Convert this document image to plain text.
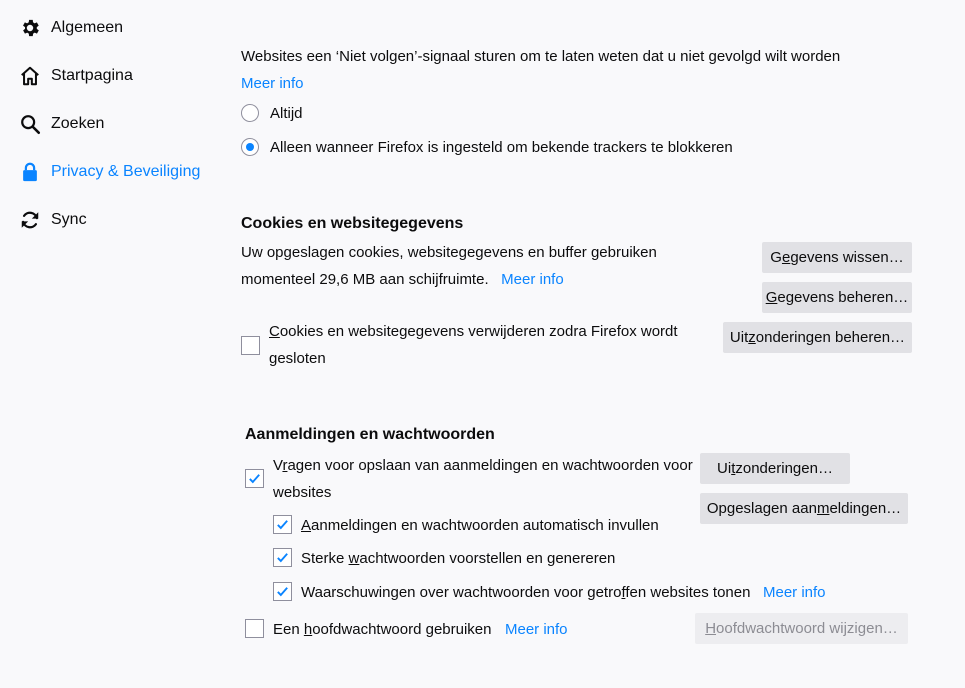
Algemeen
Startpagina
Zoeken
Privacy & Beveiliging
Sync
Websites een ‘Niet volgen’-signaal sturen om te laten weten dat u niet gevolgd wilt worden
Meer info
Altijd
Alleen wanneer Firefox is ingesteld om bekende trackers te blokkeren
Cookies en websitegegevens
Uw opgeslagen cookies, websitegegevens en buffer gebruiken
momenteel 29,6 MB aan schijfruimte. Meer info
G e gevens wissen…
G egevens beheren…
Uit z onderingen beheren…
Cookies en websitegegevens verwijderen zodra Firefox wordt
gesloten
Aanmeldingen en wachtwoorden
Vragen voor opslaan van aanmeldingen en wachtwoorden voor
websites
Ui t zonderingen…
Opgeslagen aan m eldingen…
Aanmeldingen en wachtwoorden automatisch invullen
Sterke wachtwoorden voorstellen en genereren
Waarschuwingen over wachtwoorden voor getroffen websites tonen Meer info
Een hoofdwachtwoord gebruiken Meer info	H oofdwachtwoord wijzigen…
